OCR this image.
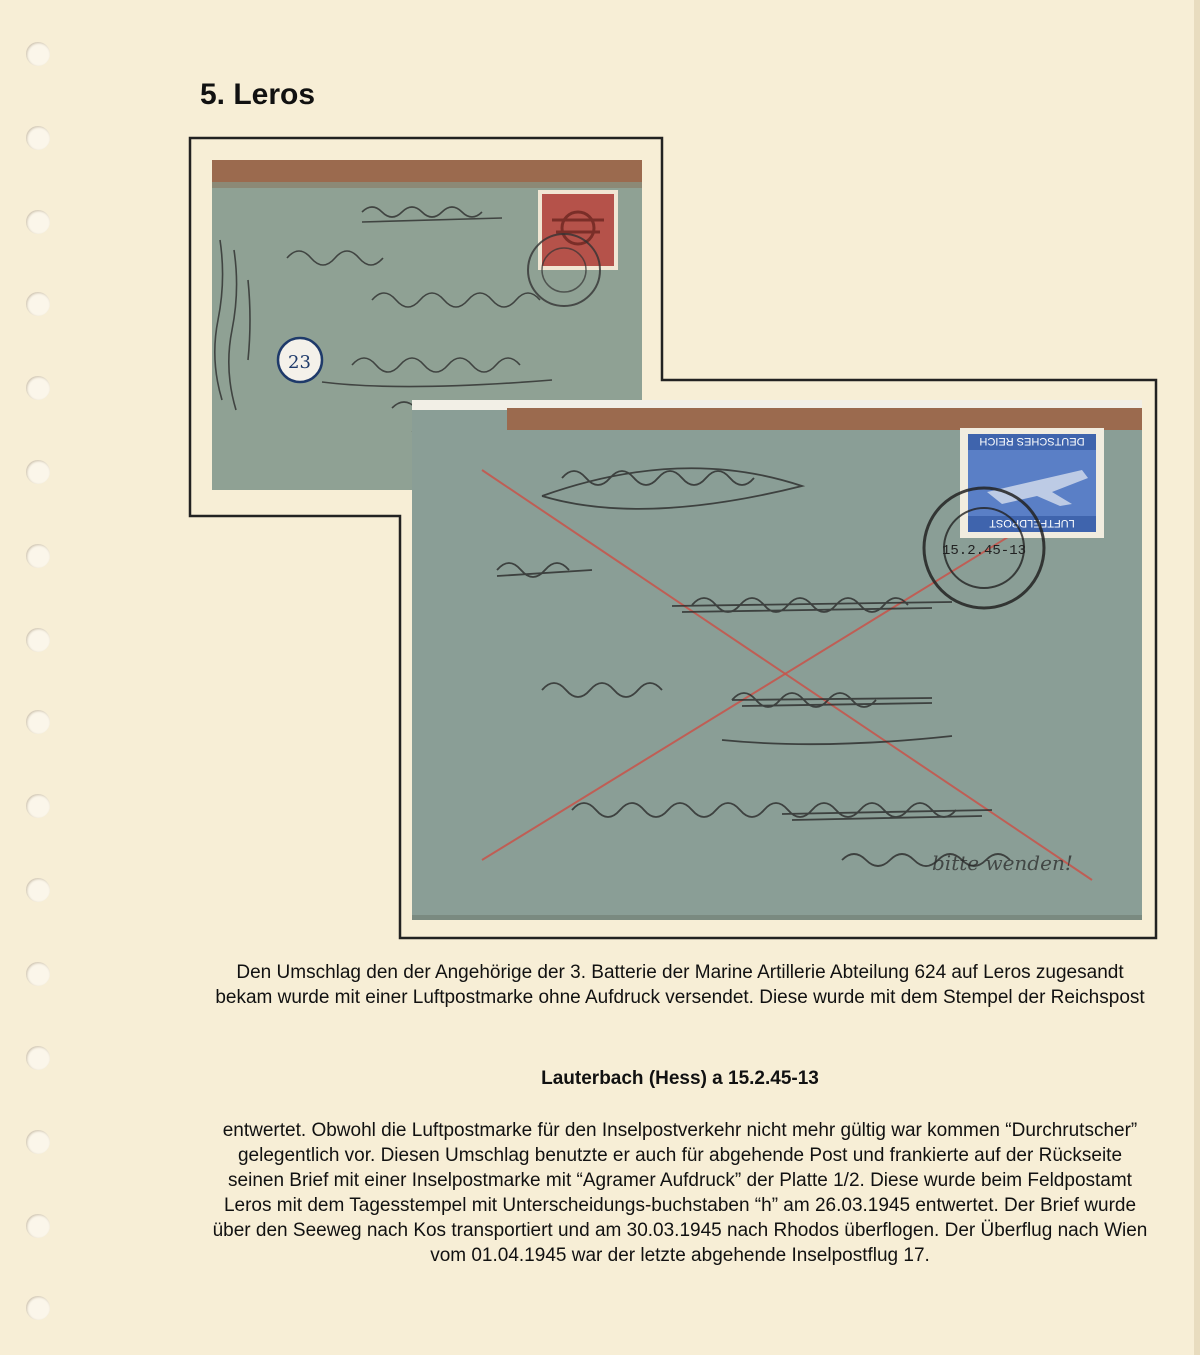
5. Leros
23
DEUTSCHES REICH
LUFTFELDPOST
15.2.45-13
bitte wenden!
Den Umschlag den der Angehörige der 3. Batterie der Marine Artillerie Abteilung 624 auf Leros zugesandt bekam wurde mit einer Luftpostmarke ohne Aufdruck versendet. Diese wurde mit dem Stempel der Reichspost
Lauterbach (Hess) a 15.2.45-13
entwertet. Obwohl die Luftpostmarke für den Inselpostverkehr nicht mehr gültig war kommen “Durchrutscher” gelegentlich vor. Diesen Umschlag benutzte er auch für abgehende Post und frankierte auf der Rückseite seinen Brief mit einer Inselpostmarke mit “Agramer Aufdruck” der Platte 1/2. Diese wurde beim Feldpostamt Leros mit dem Tagesstempel mit Unterscheidungs-buchstaben “h” am 26.03.1945 entwertet. Der Brief wurde über den Seeweg nach Kos transportiert und am 30.03.1945 nach Rhodos überflogen. Der Überflug nach Wien vom 01.04.1945 war der letzte abgehende Inselpostflug 17.
